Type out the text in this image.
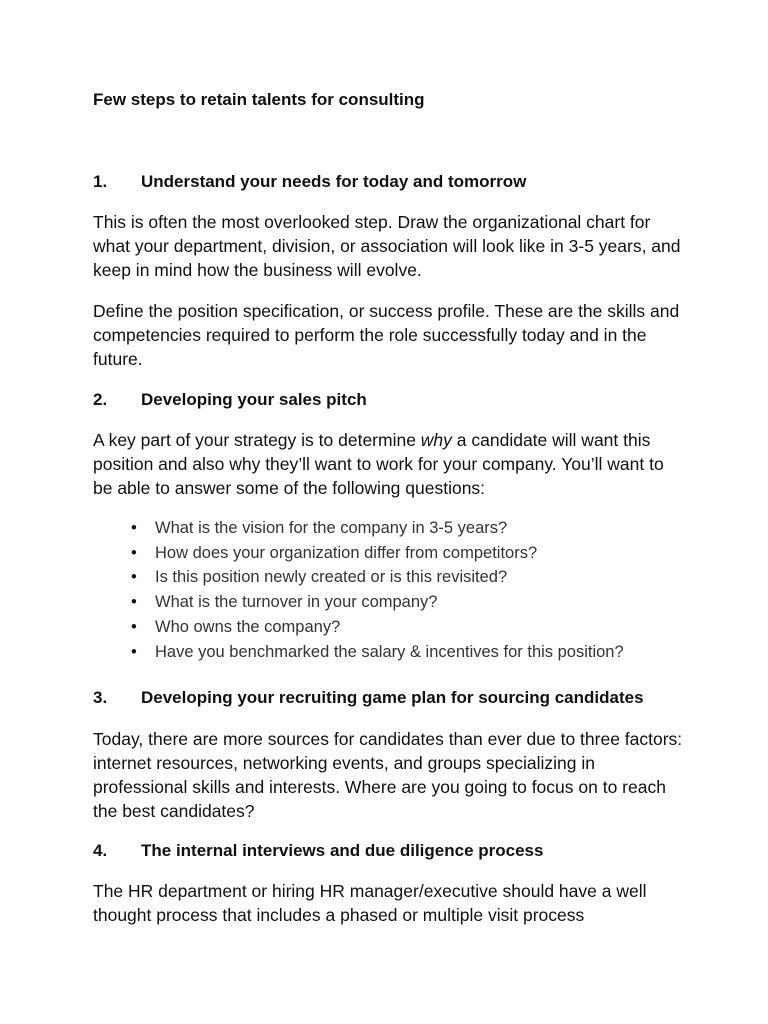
Few steps to retain talents for consulting

1. Understand your needs for today and tomorrow

This is often the most overlooked step. Draw the organizational chart for what your department, division, or association will look like in 3-5 years, and keep in mind how the business will evolve.

Define the position specification, or success profile. These are the skills and competencies required to perform the role successfully today and in the future.

2. Developing your sales pitch

A key part of your strategy is to determine why a candidate will want this position and also why they’ll want to work for your company. You’ll want to be able to answer some of the following questions:

• What is the vision for the company in 3-5 years?
• How does your organization differ from competitors?
• Is this position newly created or is this revisited?
• What is the turnover in your company?
• Who owns the company?
• Have you benchmarked the salary & incentives for this position?

3. Developing your recruiting game plan for sourcing candidates

Today, there are more sources for candidates than ever due to three factors: internet resources, networking events, and groups specializing in professional skills and interests. Where are you going to focus on to reach the best candidates?

4. The internal interviews and due diligence process

The HR department or hiring HR manager/executive should have a well thought process that includes a phased or multiple visit process
